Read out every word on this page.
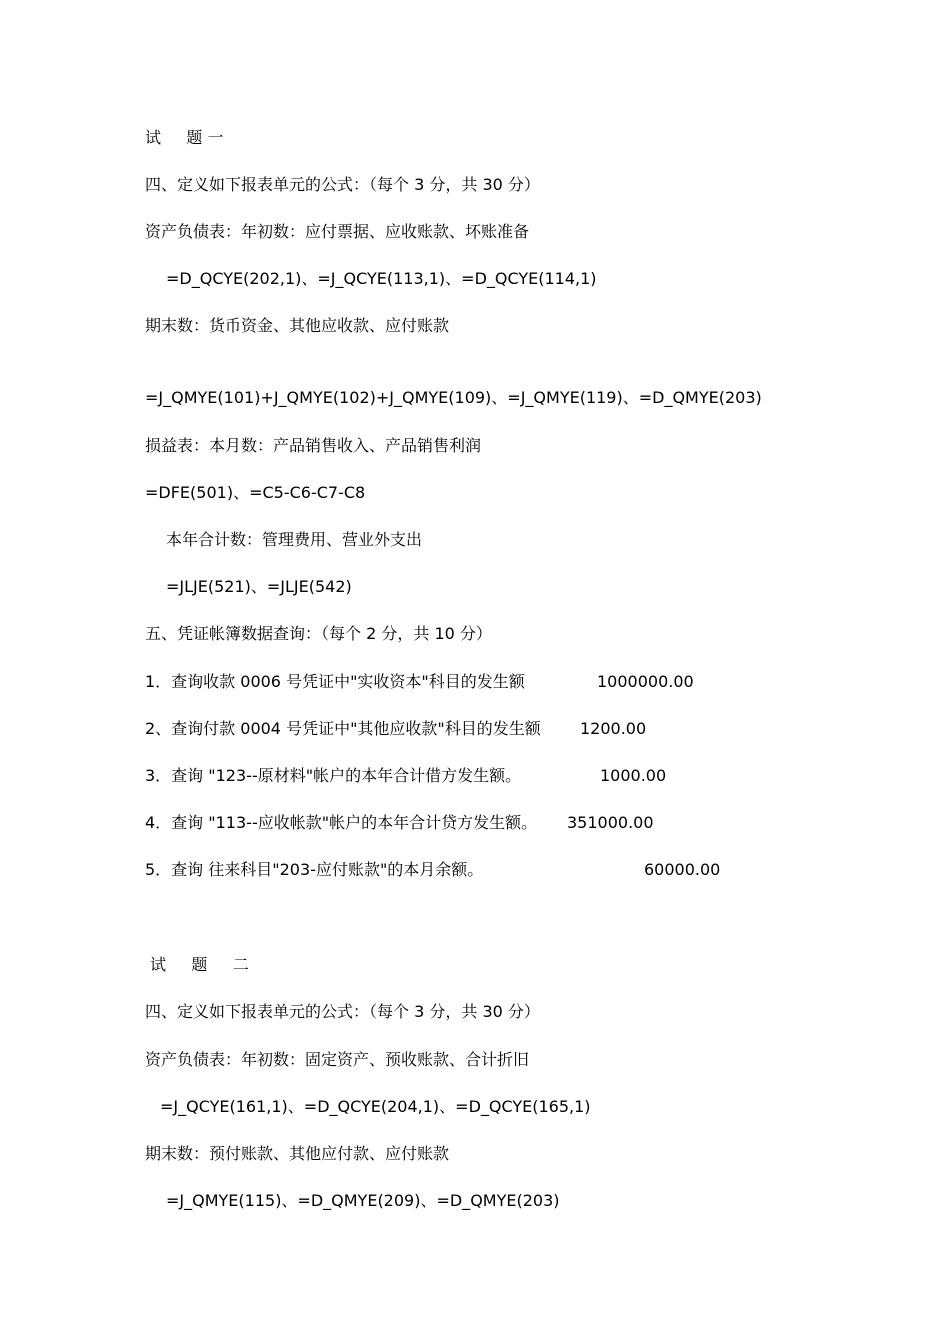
试     题 一
四、定义如下报表单元的公式：（每个 3 分，共 30 分）
资产负债表：年初数：应付票据、应收账款、坏账准备
=D_QCYE(202,1)、=J_QCYE(113,1)、=D_QCYE(114,1)
期末数：货币资金、其他应收款、应付账款
=J_QMYE(101)+J_QMYE(102)+J_QMYE(109)、=J_QMYE(119)、=D_QMYE(203)
损益表：本月数：产品销售收入、产品销售利润
=DFE(501)、=C5-C6-C7-C8
本年合计数：管理费用、营业外支出
=JLJE(521)、=JLJE(542)
五、凭证帐簿数据查询：（每个 2 分，共 10 分）
1．查询收款 0006 号凭证中"实收资本"科目的发生额	1000000.00
2、查询付款 0004 号凭证中"其他应收款"科目的发生额 1200.00
3．查询 "123--原材料"帐户的本年合计借方发生额。	1000.00
4．查询 "113--应收帐款"帐户的本年合计贷方发生额。 351000.00
5．查询 往来科目"203-应付账款"的本月余额。	60000.00
试     题     二
四、定义如下报表单元的公式：（每个 3 分，共 30 分）
资产负债表：年初数：固定资产、预收账款、合计折旧
=J_QCYE(161,1)、=D_QCYE(204,1)、=D_QCYE(165,1)
期末数：预付账款、其他应付款、应付账款
=J_QMYE(115)、=D_QMYE(209)、=D_QMYE(203)
